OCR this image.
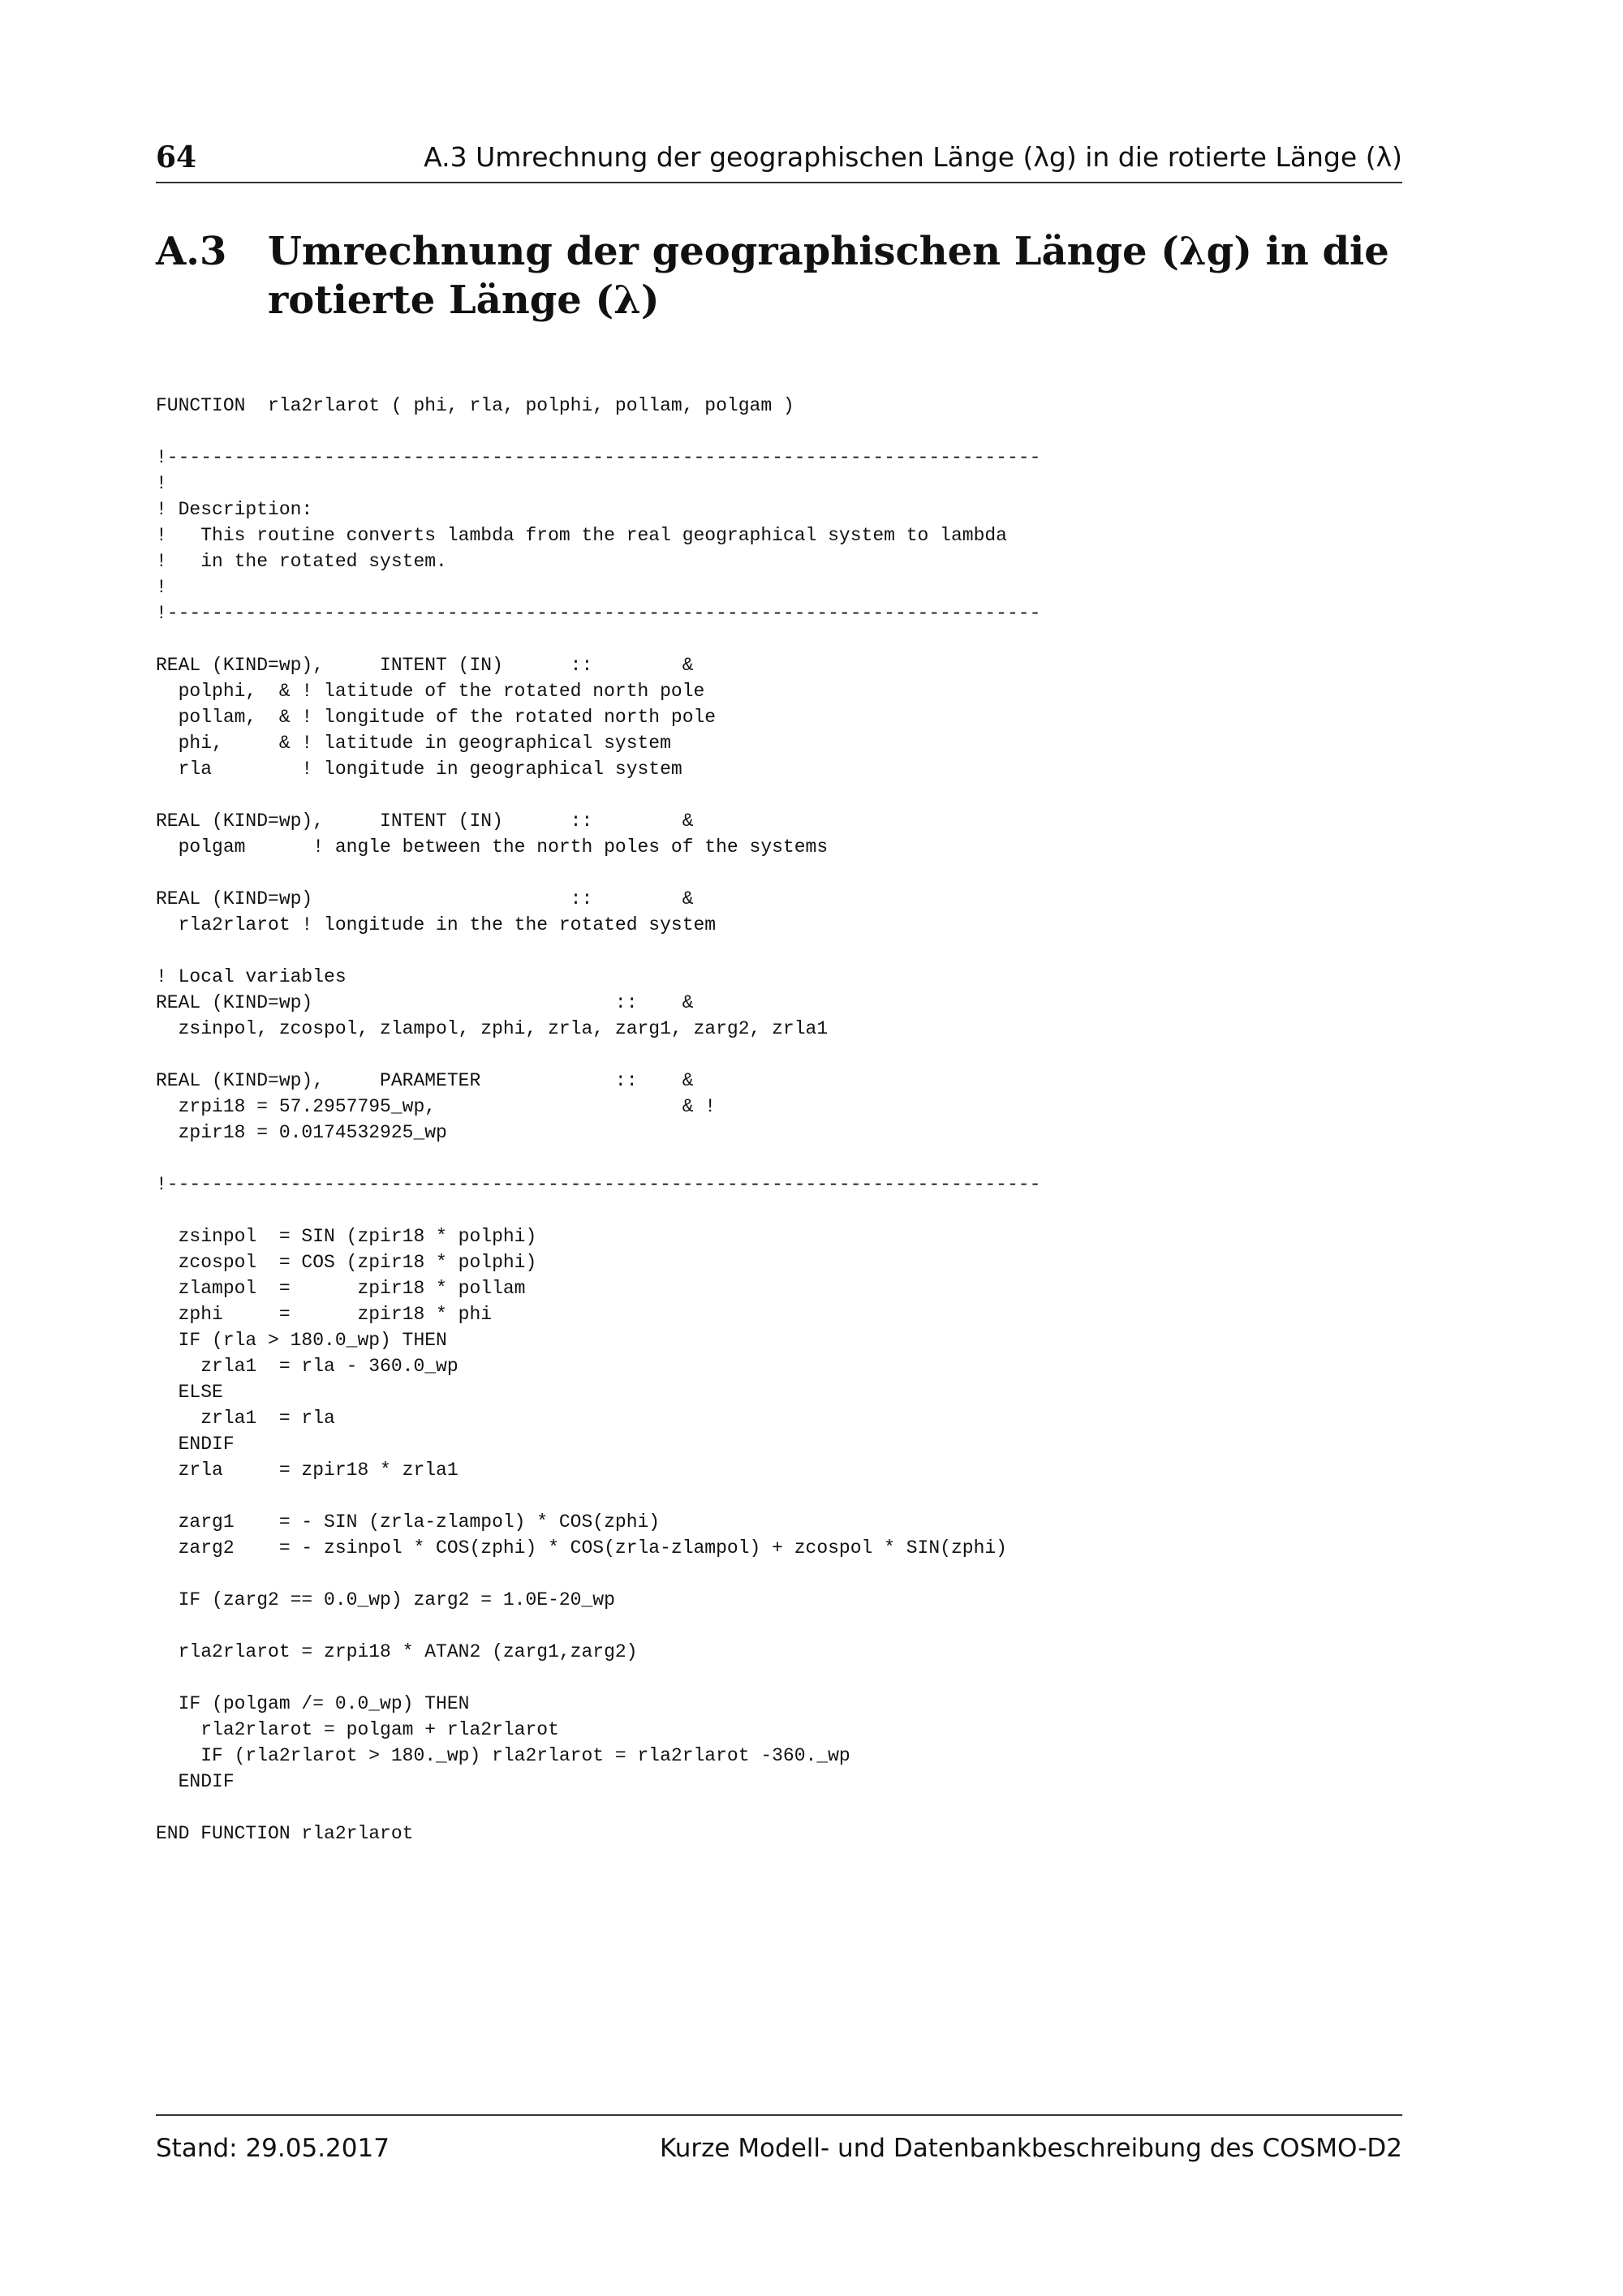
64	A.3 Umrechnung der geographischen Länge (λg) in die rotierte Länge (λ)
A.3 Umrechnung der geographischen Länge (λg) in die rotierte Länge (λ)
FUNCTION  rla2rlarot ( phi, rla, polphi, pollam, polgam )
!------------------------------------------------------------------------------
!
! Description:
!   This routine converts lambda from the real geographical system to lambda
!   in the rotated system.
!
!------------------------------------------------------------------------------
REAL (KIND=wp),     INTENT (IN)      ::        &
polphi,  & ! latitude of the rotated north pole
pollam,  & ! longitude of the rotated north pole
phi,     & ! latitude in geographical system
rla        ! longitude in geographical system
REAL (KIND=wp),     INTENT (IN)      ::        &
polgam      ! angle between the north poles of the systems
REAL (KIND=wp)                       ::        &
rla2rlarot ! longitude in the the rotated system
! Local variables
REAL (KIND=wp)                           ::    &
zsinpol, zcospol, zlampol, zphi, zrla, zarg1, zarg2, zrla1
REAL (KIND=wp),     PARAMETER            ::    &
zrpi18 = 57.2957795_wp,                      & !
zpir18 = 0.0174532925_wp
!------------------------------------------------------------------------------
zsinpol  = SIN (zpir18 * polphi)
zcospol  = COS (zpir18 * polphi)
zlampol  =      zpir18 * pollam
zphi     =      zpir18 * phi
IF (rla > 180.0_wp) THEN
zrla1  = rla - 360.0_wp
ELSE
zrla1  = rla
ENDIF
zrla     = zpir18 * zrla1
zarg1    = - SIN (zrla-zlampol) * COS(zphi)
zarg2    = - zsinpol * COS(zphi) * COS(zrla-zlampol) + zcospol * SIN(zphi)
IF (zarg2 == 0.0_wp) zarg2 = 1.0E-20_wp
rla2rlarot = zrpi18 * ATAN2 (zarg1,zarg2)
IF (polgam /= 0.0_wp) THEN
rla2rlarot = polgam + rla2rlarot
IF (rla2rlarot > 180._wp) rla2rlarot = rla2rlarot -360._wp
ENDIF
END FUNCTION rla2rlarot
Stand: 29.05.2017	Kurze Modell- und Datenbankbeschreibung des COSMO-D2
